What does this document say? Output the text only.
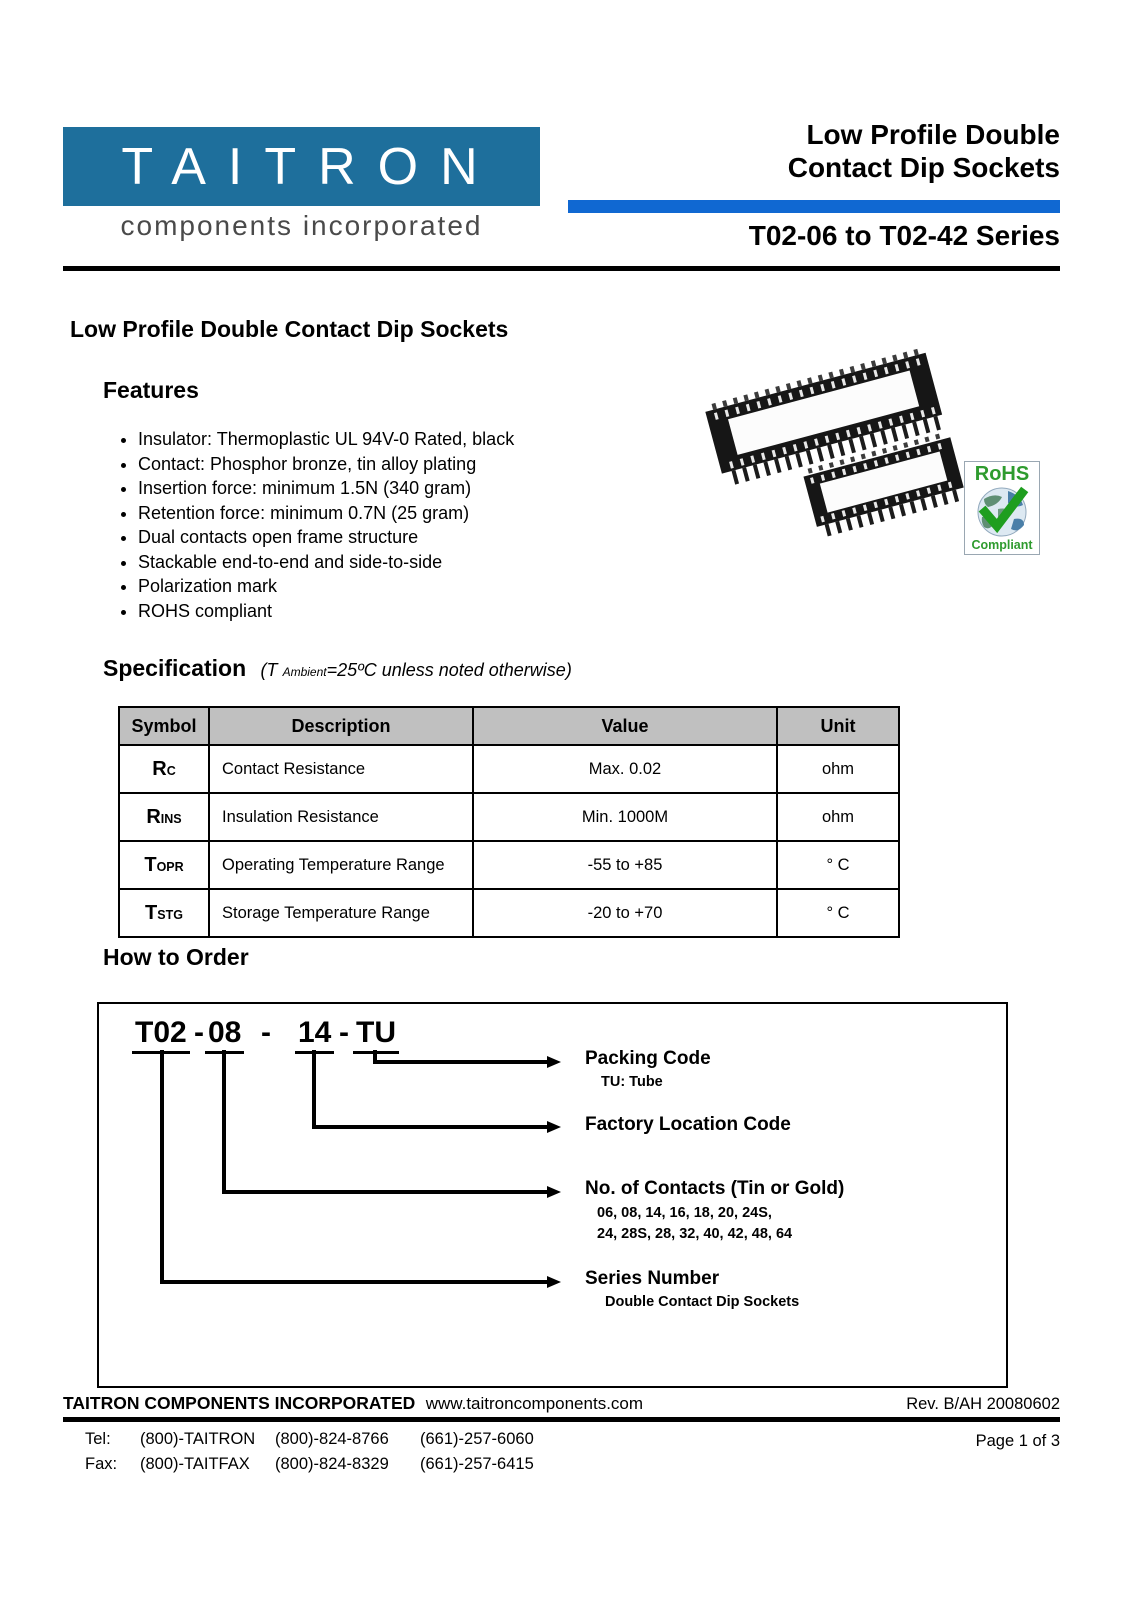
TAITRON
components incorporated
Low Profile Double
Contact Dip Sockets
T02-06 to T02-42 Series
Low Profile Double Contact Dip Sockets
Features
• Insulator: Thermoplastic UL 94V-0 Rated, black
• Contact: Phosphor bronze, tin alloy plating
• Insertion force: minimum 1.5N (340 gram)
• Retention force: minimum 0.7N (25 gram)
• Dual contacts open frame structure
• Stackable end-to-end and side-to-side
• Polarization mark
• ROHS compliant
RoHS
Compliant
Specification (T Ambient=25ºC unless noted otherwise)
Symbol	Description	Value	Unit
RC	Contact Resistance	Max. 0.02	ohm
RINS	Insulation Resistance	Min. 1000M	ohm
TOPR	Operating Temperature Range	-55 to +85	° C
TSTG	Storage Temperature Range	-20 to +70	° C
How to Order
T02 - 08 - 14 - TU
Packing Code
TU: Tube
Factory Location Code
No. of Contacts (Tin or Gold)
06, 08, 14, 16, 18, 20, 24S,
24, 28S, 28, 32, 40, 42, 48, 64
Series Number
Double Contact Dip Sockets
TAITRON COMPONENTS INCORPORATED www.taitroncomponents.com	Rev. B/AH 20080602
Tel:	(800)-TAITRON	(800)-824-8766	(661)-257-6060
Fax:	(800)-TAITFAX	(800)-824-8329	(661)-257-6415
Page 1 of 3
